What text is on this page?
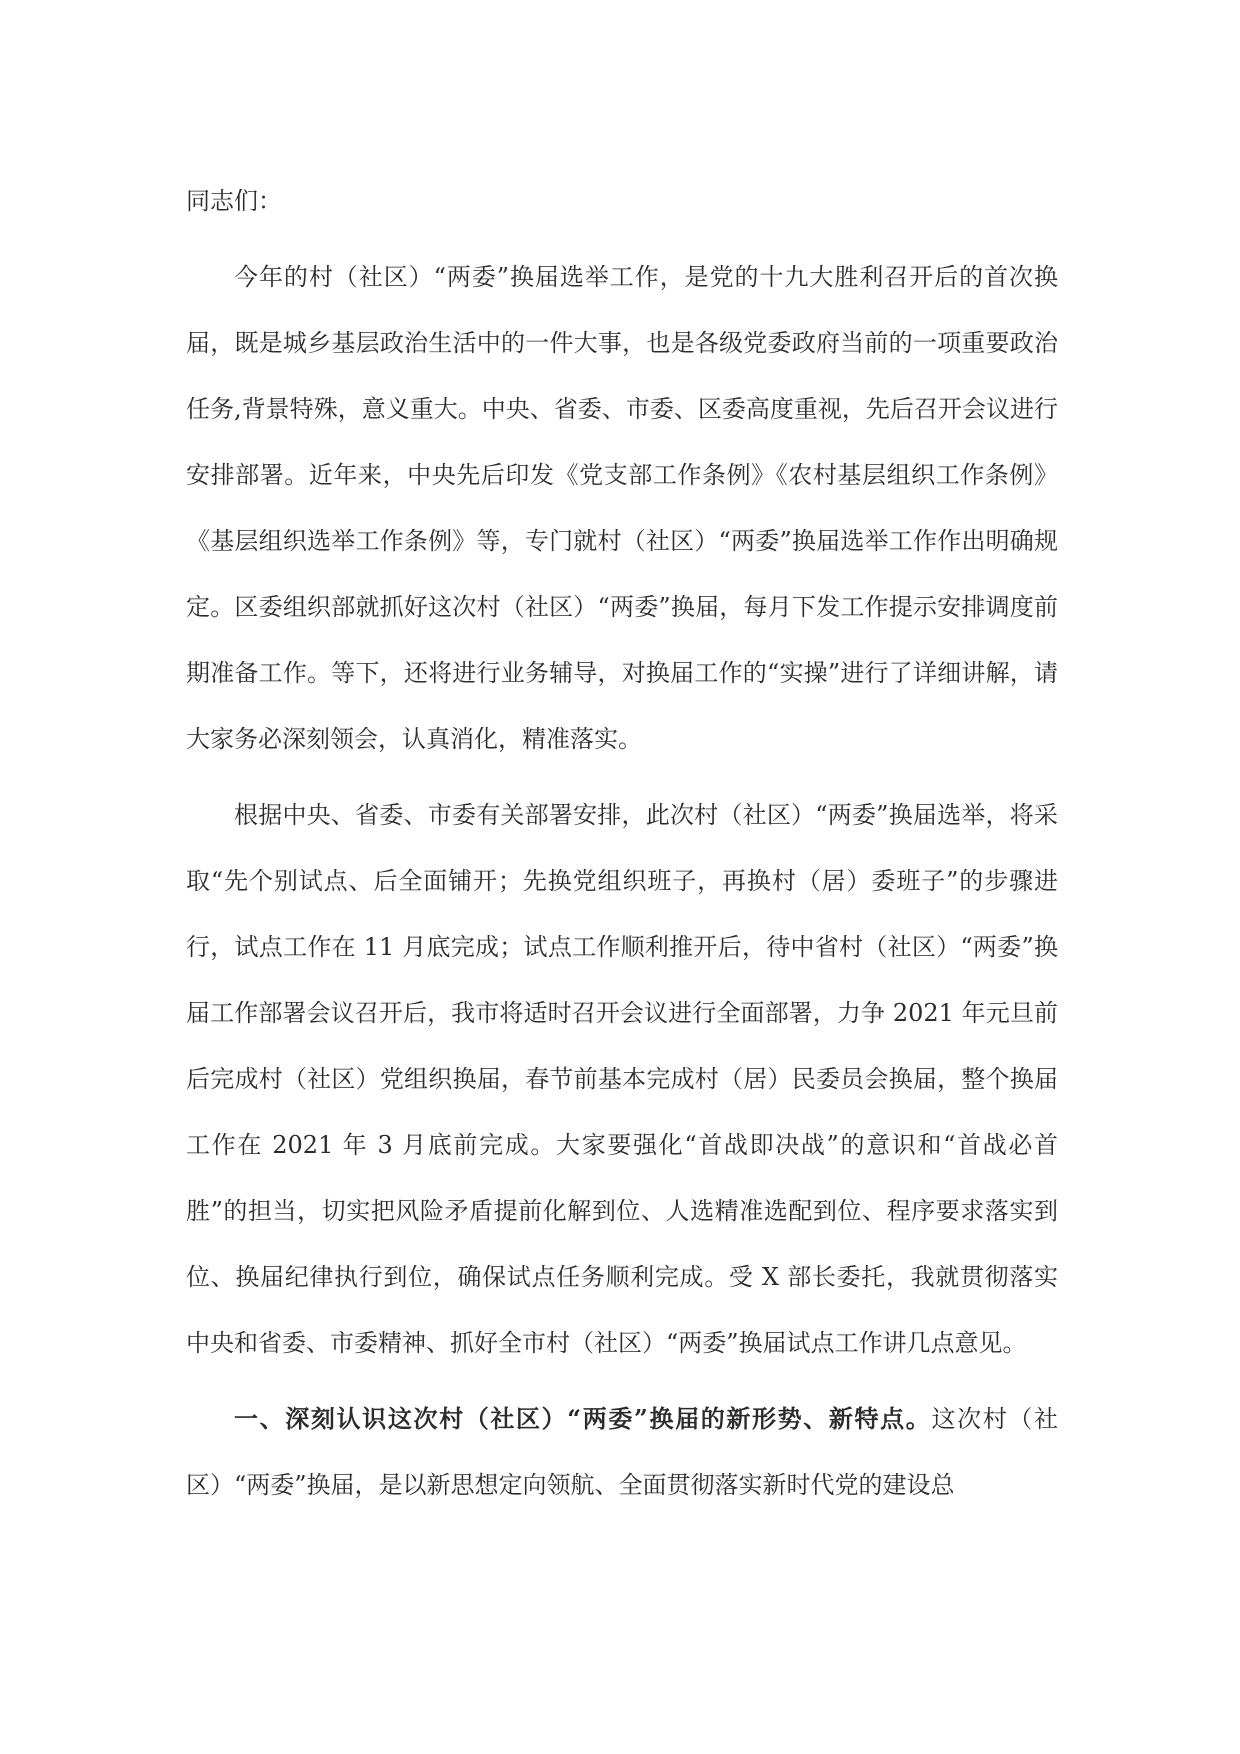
同志们：

今年的村（社区）“两委”换届选举工作，是党的十九大胜利召开后的首次换届，既是城乡基层政治生活中的一件大事，也是各级党委政府当前的一项重要政治任务,背景特殊，意义重大。中央、省委、市委、区委高度重视，先后召开会议进行安排部署。近年来，中央先后印发《党支部工作条例》《农村基层组织工作条例》《基层组织选举工作条例》等，专门就村（社区）“两委”换届选举工作作出明确规定。区委组织部就抓好这次村（社区）“两委”换届，每月下发工作提示安排调度前期准备工作。等下，还将进行业务辅导，对换届工作的“实操”进行了详细讲解，请大家务必深刻领会，认真消化，精准落实。

根据中央、省委、市委有关部署安排，此次村（社区）“两委”换届选举，将采取“先个别试点、后全面铺开；先换党组织班子，再换村（居）委班子”的步骤进行，试点工作在 11 月底完成；试点工作顺利推开后，待中省村（社区）“两委”换届工作部署会议召开后，我市将适时召开会议进行全面部署，力争 2021 年元旦前后完成村（社区）党组织换届，春节前基本完成村（居）民委员会换届，整个换届工作在 2021 年 3 月底前完成。大家要强化“首战即决战”的意识和“首战必首胜”的担当，切实把风险矛盾提前化解到位、人选精准选配到位、程序要求落实到位、换届纪律执行到位，确保试点任务顺利完成。受 X 部长委托，我就贯彻落实中央和省委、市委精神、抓好全市村（社区）“两委”换届试点工作讲几点意见。

一、深刻认识这次村（社区）“两委”换届的新形势、新特点。这次村（社区）“两委”换届，是以新思想定向领航、全面贯彻落实新时代党的建设总
